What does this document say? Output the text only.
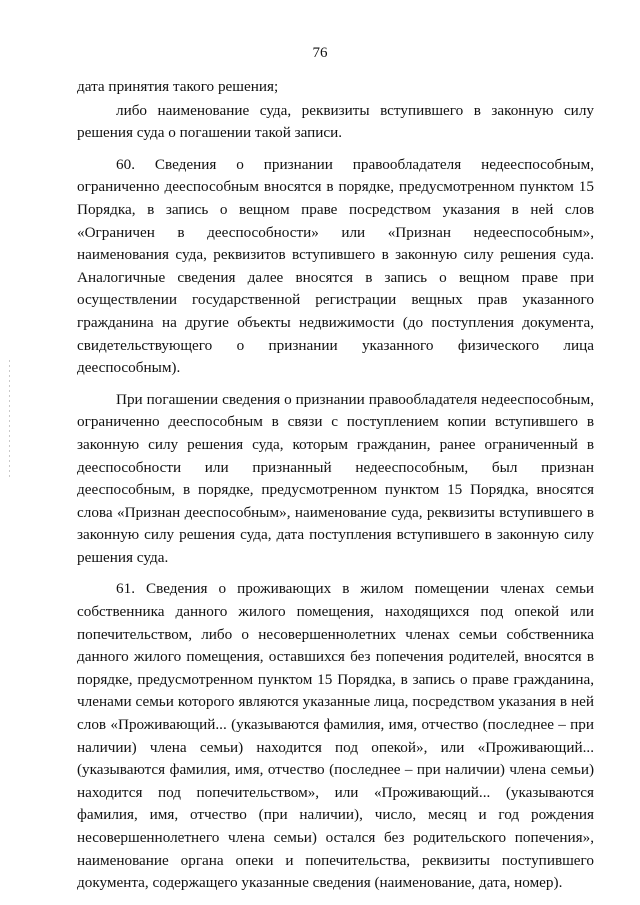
76

дата принятия такого решения;

либо наименование суда, реквизиты вступившего в законную силу решения суда о погашении такой записи.

60. Сведения о признании правообладателя недееспособным, ограниченно дееспособным вносятся в порядке, предусмотренном пунктом 15 Порядка, в запись о вещном праве посредством указания в ней слов «Ограничен в дееспособности» или «Признан недееспособным», наименования суда, реквизитов вступившего в законную силу решения суда. Аналогичные сведения далее вносятся в запись о вещном праве при осуществлении государственной регистрации вещных прав указанного гражданина на другие объекты недвижимости (до поступления документа, свидетельствующего о признании указанного физического лица дееспособным).

При погашении сведения о признании правообладателя недееспособным, ограниченно дееспособным в связи с поступлением копии вступившего в законную силу решения суда, которым гражданин, ранее ограниченный в дееспособности или признанный недееспособным, был признан дееспособным, в порядке, предусмотренном пунктом 15 Порядка, вносятся слова «Признан дееспособным», наименование суда, реквизиты вступившего в законную силу решения суда, дата поступления вступившего в законную силу решения суда.

61. Сведения о проживающих в жилом помещении членах семьи собственника данного жилого помещения, находящихся под опекой или попечительством, либо о несовершеннолетних членах семьи собственника данного жилого помещения, оставшихся без попечения родителей, вносятся в порядке, предусмотренном пунктом 15 Порядка, в запись о праве гражданина, членами семьи которого являются указанные лица, посредством указания в ней слов «Проживающий... (указываются фамилия, имя, отчество (последнее – при наличии) члена семьи) находится под опекой», или «Проживающий... (указываются фамилия, имя, отчество (последнее – при наличии) члена семьи) находится под попечительством», или «Проживающий... (указываются фамилия, имя, отчество (при наличии), число, месяц и год рождения несовершеннолетнего члена семьи) остался без родительского попечения», наименование органа опеки и попечительства, реквизиты поступившего документа, содержащего указанные сведения (наименование, дата, номер).
